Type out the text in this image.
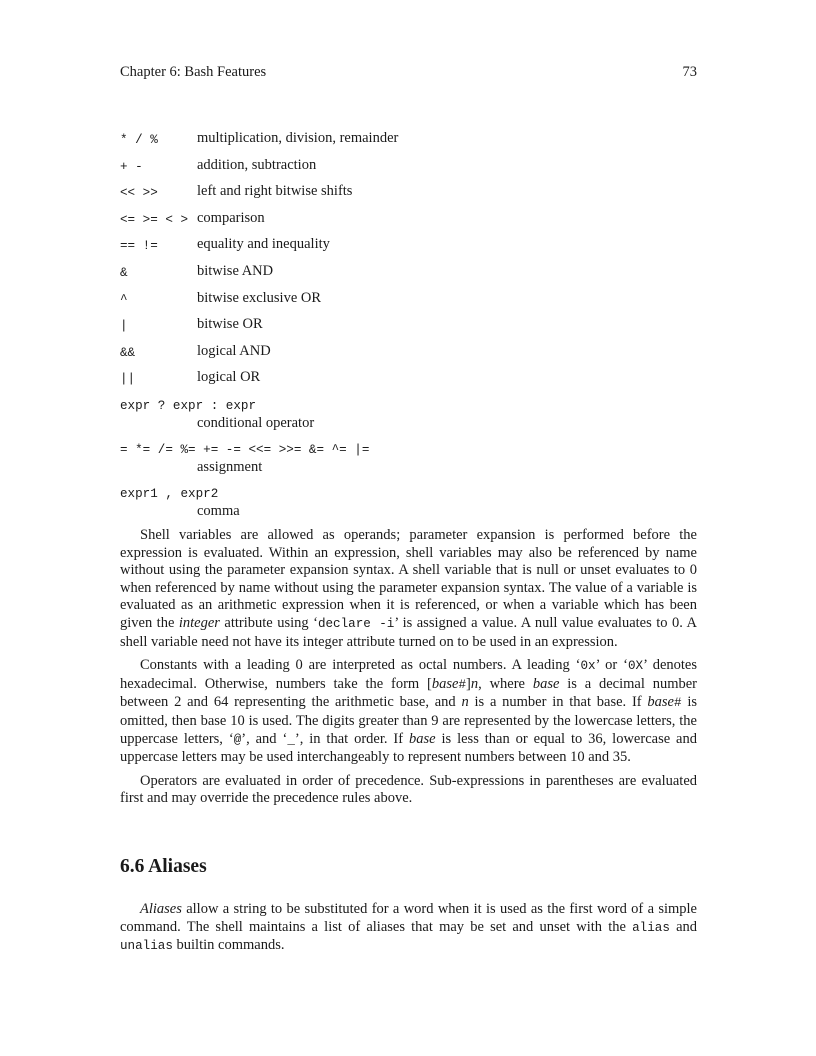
Chapter 6: Bash Features	73
* / %	multiplication, division, remainder
+ -	addition, subtraction
<< >>	left and right bitwise shifts
<= >= < > comparison
== !=	equality and inequality
&	bitwise AND
^	bitwise exclusive OR
|	bitwise OR
&&	logical AND
||	logical OR
expr ? expr : expr
conditional operator
= *= /= %= += -= <<= >>= &= ^= |=
assignment
expr1 , expr2
comma

Shell variables are allowed as operands; parameter expansion is performed before the expression is evaluated. Within an expression, shell variables may also be referenced by name without using the parameter expansion syntax. A shell variable that is null or unset evaluates to 0 when referenced by name without using the parameter expansion syntax. The value of a variable is evaluated as an arithmetic expression when it is referenced, or when a variable which has been given the integer attribute using ‘declare -i’ is assigned a value. A null value evaluates to 0. A shell variable need not have its integer attribute turned on to be used in an expression.

Constants with a leading 0 are interpreted as octal numbers. A leading ‘0x’ or ‘0X’ denotes hexadecimal. Otherwise, numbers take the form [base#]n, where base is a decimal number between 2 and 64 representing the arithmetic base, and n is a number in that base. If base# is omitted, then base 10 is used. The digits greater than 9 are represented by the lowercase letters, the uppercase letters, ‘@’, and ‘_’, in that order. If base is less than or equal to 36, lowercase and uppercase letters may be used interchangeably to represent numbers between 10 and 35.

Operators are evaluated in order of precedence. Sub-expressions in parentheses are evaluated first and may override the precedence rules above.

6.6 Aliases

Aliases allow a string to be substituted for a word when it is used as the first word of a simple command. The shell maintains a list of aliases that may be set and unset with the alias and unalias builtin commands.
